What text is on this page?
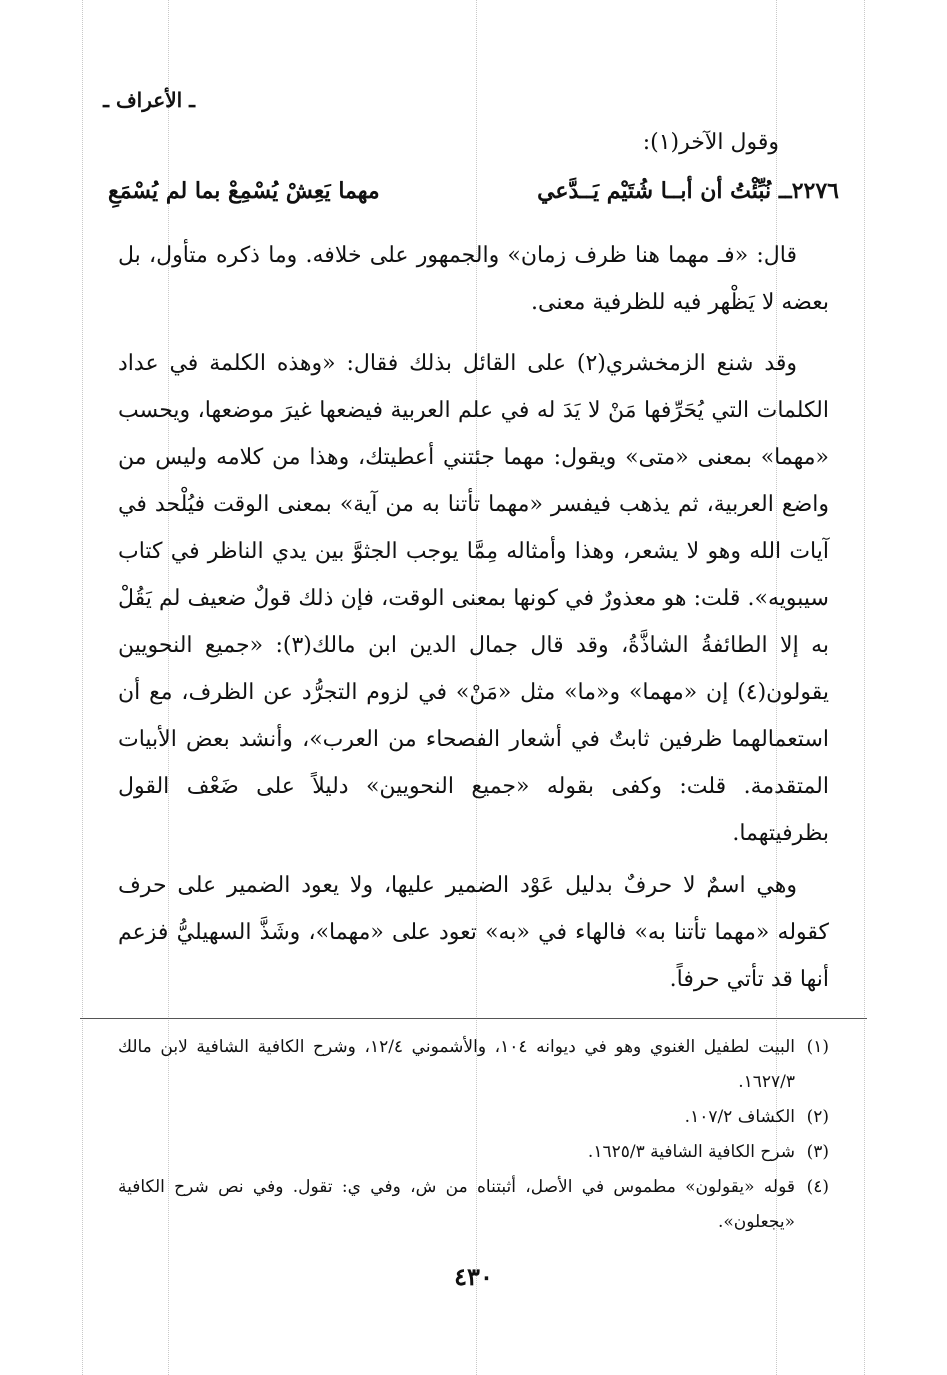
ـ الأعراف ـ
وقول الآخر(١):
٢٢٧٦ــ نُبِّئْتُ أن أبــا شُتَيْم يَــدَّعي
مهما يَعِشْ يُسْمِعْ بما لم يُسْمَعِ

قال: «فـ مهما هنا ظرف زمان» والجمهور على خلافه. وما ذكره متأول، بل بعضه لا يَظْهر فيه للظرفية معنى.

وقد شنع الزمخشري(٢) على القائل بذلك فقال: «وهذه الكلمة في عداد الكلمات التي يُحَرِّفها مَنْ لا يَدَ له في علم العربية فيضعها غيرَ موضعها، ويحسب «مهما» بمعنى «متى» ويقول: مهما جئتني أعطيتك، وهذا من كلامه وليس من واضع العربية، ثم يذهب فيفسر «مهما تأتنا به من آية» بمعنى الوقت فيُلْحد في آيات الله وهو لا يشعر، وهذا وأمثاله مِمَّا يوجب الجثوَّ بين يدي الناظر في كتاب سيبويه». قلت: هو معذورٌ في كونها بمعنى الوقت، فإن ذلك قولٌ ضعيف لم يَقُلْ به إلا الطائفةُ الشاذَّةُ، وقد قال جمال الدين ابن مالك(٣): «جميع النحويين يقولون(٤) إن «مهما» و«ما» مثل «مَنْ» في لزوم التجرُّد عن الظرف، مع أن استعمالهما ظرفين ثابتٌ في أشعار الفصحاء من العرب»، وأنشد بعض الأبيات المتقدمة. قلت: وكفى بقوله «جميع النحويين» دليلاً على ضَعْف القول بظرفيتهما.

وهي اسمٌ لا حرفٌ بدليل عَوْد الضمير عليها، ولا يعود الضمير على حرف كقوله «مهما تأتنا به» فالهاء في «به» تعود على «مهما»، وشَذَّ السهيليُّ فزعم أنها قد تأتي حرفاً.

(١)
البيت لطفيل الغنوي وهو في ديوانه ١٠٤، والأشموني ١٢/٤، وشرح الكافية الشافية لابن مالك ١٦٢٧/٣.
(٢)
الكشاف ١٠٧/٢.
(٣)
شرح الكافية الشافية ١٦٢٥/٣.
(٤)
قوله «يقولون» مطموس في الأصل، أثبتناه من ش، وفي ي: تقول. وفي نص شرح الكافية «يجعلون».
٤٣٠
